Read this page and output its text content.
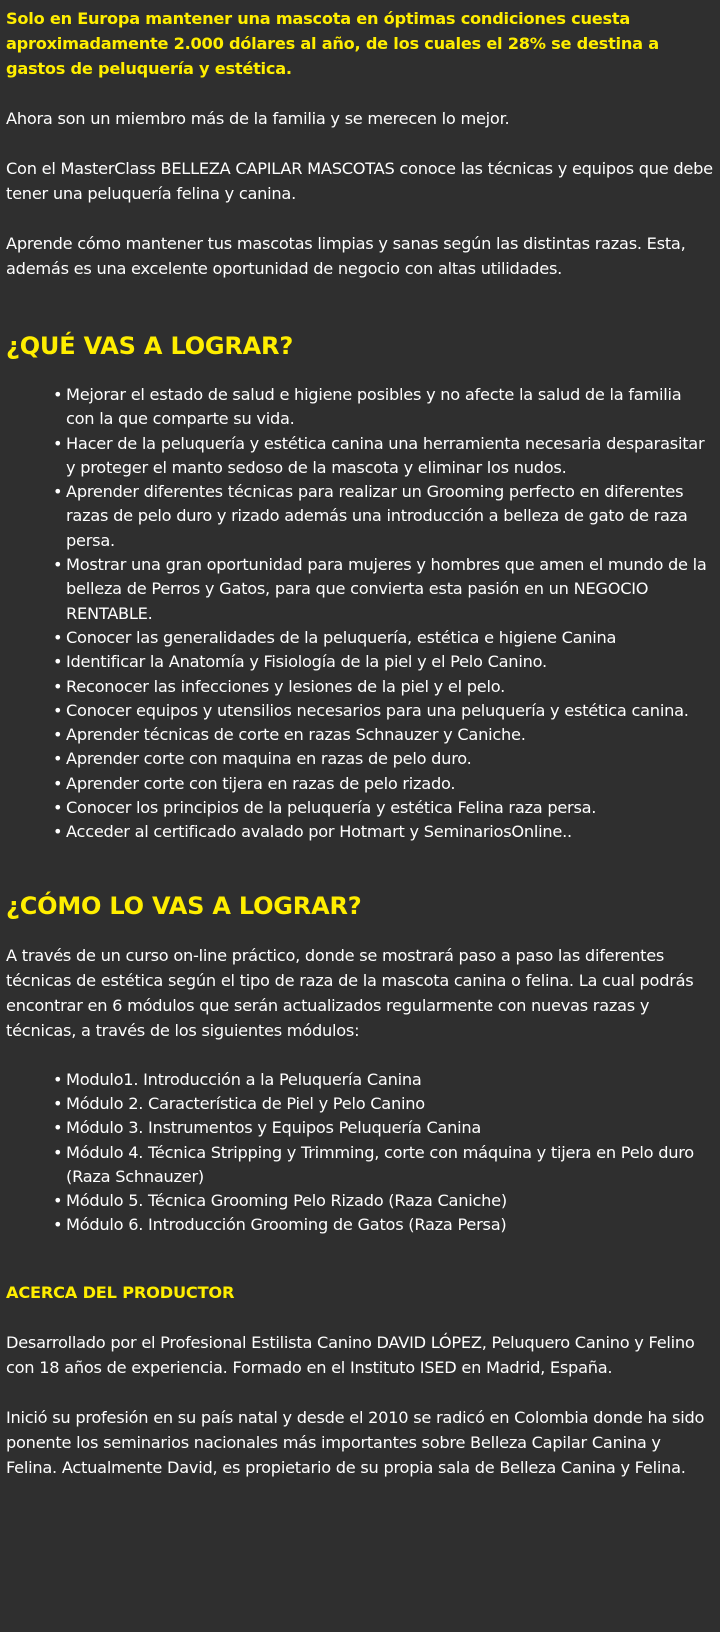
Solo en Europa mantener una mascota en óptimas condiciones cuesta aproximadamente 2.000 dólares al año, de los cuales el 28% se destina a gastos de peluquería y estética.

Ahora son un miembro más de la familia y se merecen lo mejor.

Con el MasterClass BELLEZA CAPILAR MASCOTAS conoce las técnicas y equipos que debe tener una peluquería felina y canina.

Aprende cómo mantener tus mascotas limpias y sanas según las distintas razas. Esta, además es una excelente oportunidad de negocio con altas utilidades.

¿QUÉ VAS A LOGRAR?
• Mejorar el estado de salud e higiene posibles y no afecte la salud de la familia con la que comparte su vida.
• Hacer de la peluquería y estética canina una herramienta necesaria desparasitar y proteger el manto sedoso de la mascota y eliminar los nudos.
• Aprender diferentes técnicas para realizar un Grooming perfecto en diferentes razas de pelo duro y rizado además una introducción a belleza de gato de raza persa.
• Mostrar una gran oportunidad para mujeres y hombres que amen el mundo de la belleza de Perros y Gatos, para que convierta esta pasión en un NEGOCIO RENTABLE.
• Conocer las generalidades de la peluquería, estética e higiene Canina
• Identificar la Anatomía y Fisiología de la piel y el Pelo Canino.
• Reconocer las infecciones y lesiones de la piel y el pelo.
• Conocer equipos y utensilios necesarios para una peluquería y estética canina.
• Aprender técnicas de corte en razas Schnauzer y Caniche.
• Aprender corte con maquina en razas de pelo duro.
• Aprender corte con tijera en razas de pelo rizado.
• Conocer los principios de la peluquería y estética Felina raza persa.
• Acceder al certificado avalado por Hotmart y SeminariosOnline..
¿CÓMO LO VAS A LOGRAR?

A través de un curso on-line práctico, donde se mostrará paso a paso las diferentes técnicas de estética según el tipo de raza de la mascota canina o felina. La cual podrás encontrar en 6 módulos que serán actualizados regularmente con nuevas razas y técnicas, a través de los siguientes módulos:

• Modulo1. Introducción a la Peluquería Canina
• Módulo 2. Característica de Piel y Pelo Canino
• Módulo 3. Instrumentos y Equipos Peluquería Canina
• Módulo 4. Técnica Stripping y Trimming, corte con máquina y tijera en Pelo duro (Raza Schnauzer)
• Módulo 5. Técnica Grooming Pelo Rizado (Raza Caniche)
• Módulo 6. Introducción Grooming de Gatos (Raza Persa)
ACERCA DEL PRODUCTOR

Desarrollado por el Profesional Estilista Canino DAVID LÓPEZ, Peluquero Canino y Felino con 18 años de experiencia. Formado en el Instituto ISED en Madrid, España.

Inició su profesión en su país natal y desde el 2010 se radicó en Colombia donde ha sido ponente los seminarios nacionales más importantes sobre Belleza Capilar Canina y Felina. Actualmente David, es propietario de su propia sala de Belleza Canina y Felina.
